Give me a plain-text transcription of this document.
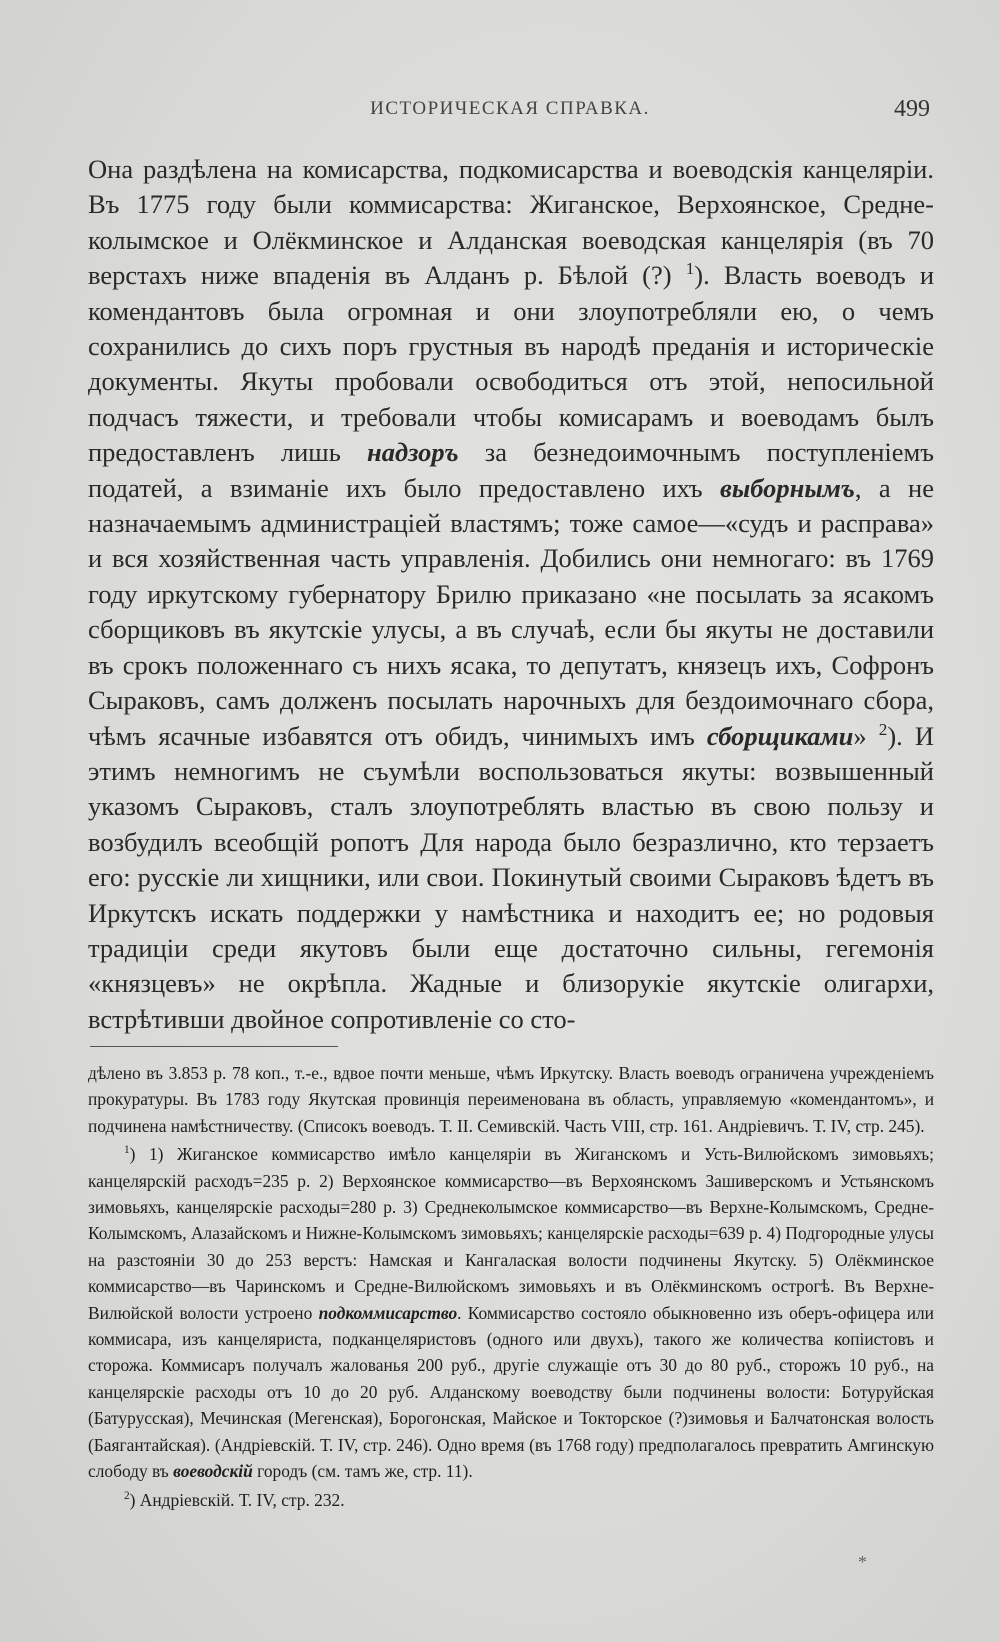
ИСТОРИЧЕСКАЯ СПРАВКА.	499

Она раздѣлена на комисарства, подкомисарства и воеводскія канцеляріи. Въ 1775 году были коммисарства: Жиганское, Верхоянское, Средне-колымское и Олёкминское и Алданская воеводская канцелярія (въ 70 верстахъ ниже впаденія въ Алданъ р. Бѣлой (?) $^1$). Власть воеводъ и комендантовъ была огромная и они злоупотребляли ею, о чемъ сохранились до сихъ поръ грустныя въ народѣ преданія и историческіе документы. Якуты пробовали освободиться отъ этой, непосильной подчасъ тяжести, и требовали чтобы комисарамъ и воеводамъ былъ предоставленъ лишь надзоръ за безнедоимочнымъ поступленіемъ податей, а взиманіе ихъ было предоставлено ихъ выборнымъ, а не назначаемымъ администраціей властямъ; тоже самое—«судъ и расправа» и вся хозяйственная часть управленія. Добились они немногаго: въ 1769 году иркутскому губернатору Брилю приказано «не посылать за ясакомъ сборщиковъ въ якутскіе улусы, а въ случаѣ, если бы якуты не доставили въ срокъ положеннаго съ нихъ ясака, то депутатъ, князецъ ихъ, Софронъ Сыраковъ, самъ долженъ посылать нарочныхъ для бездоимочнаго сбора, чѣмъ ясачные избавятся отъ обидъ, чинимыхъ имъ сборщиками» $^2$). И этимъ немногимъ не съумѣли воспользоваться якуты: возвышенный указомъ Сыраковъ, сталъ злоупотреблять властью въ свою пользу и возбудилъ всеобщій ропотъ Для народа было безразлично, кто терзаетъ его: русскіе ли хищники, или свои. Покинутый своими Сыраковъ ѣдетъ въ Иркутскъ искать поддержки у намѣстника и находитъ ее; но родовыя традиціи среди якутовъ были еще достаточно сильны, гегемонія «князцевъ» не окрѣпла. Жадные и близорукіе якутскіе олигархи, встрѣтивши двойное сопротивленіе со сто-

дѣлено въ 3.853 р. 78 коп., т.-е., вдвое почти меньше, чѣмъ Иркутску. Власть воеводъ ограничена учрежденіемъ прокуратуры. Въ 1783 году Якутская провинція переименована въ область, управляемую «комендантомъ», и подчинена намѣстничеству. (Списокъ воеводъ. Т. II. Семивскій. Часть VIII, стр. 161. Андріевичъ. Т. IV, стр. 245).

$^1$) 1) Жиганское коммисарство имѣло канцеляріи въ Жиганскомъ и Усть-Вилюйскомъ зимовьяхъ; канцелярскій расходъ=235 р. 2) Верхоянское коммисарство—въ Верхоянскомъ Зашиверскомъ и Устьянскомъ зимовьяхъ, канцелярскіе расходы=280 р. 3) Среднеколымское коммисарство—въ Верхне-Колымскомъ, Средне-Колымскомъ, Алазайскомъ и Нижне-Колымскомъ зимовьяхъ; канцелярскіе расходы=639 р. 4) Подгородные улусы на разстояніи 30 до 253 верстъ: Намская и Кангалаская волости подчинены Якутску. 5) Олёкминское коммисарство—въ Чаринскомъ и Средне-Вилюйскомъ зимовьяхъ и въ Олёкминскомъ острогѣ. Въ Верхне-Вилюйской волости устроено подкоммисарство. Коммисарство состояло обыкновенно изъ оберъ-офицера или коммисара, изъ канцеляриста, подканцеляристовъ (одного или двухъ), такого же количества копіистовъ и сторожа. Коммисаръ получалъ жалованья 200 руб., другіе служащіе отъ 30 до 80 руб., сторожъ 10 руб., на канцелярскіе расходы отъ 10 до 20 руб. Алданскому воеводству были подчинены волости: Ботуруйская (Батурусская), Мечинская (Мегенская), Борогонская, Майское и Токторское (?)зимовья и Балчатонская волость (Баягантайская). (Андріевскій. Т. IV, стр. 246). Одно время (въ 1768 году) предполагалось превратить Амгинскую слободу въ воеводскій городъ (см. тамъ же, стр. 11).

$^2$) Андріевскій. Т. IV, стр. 232.

*
